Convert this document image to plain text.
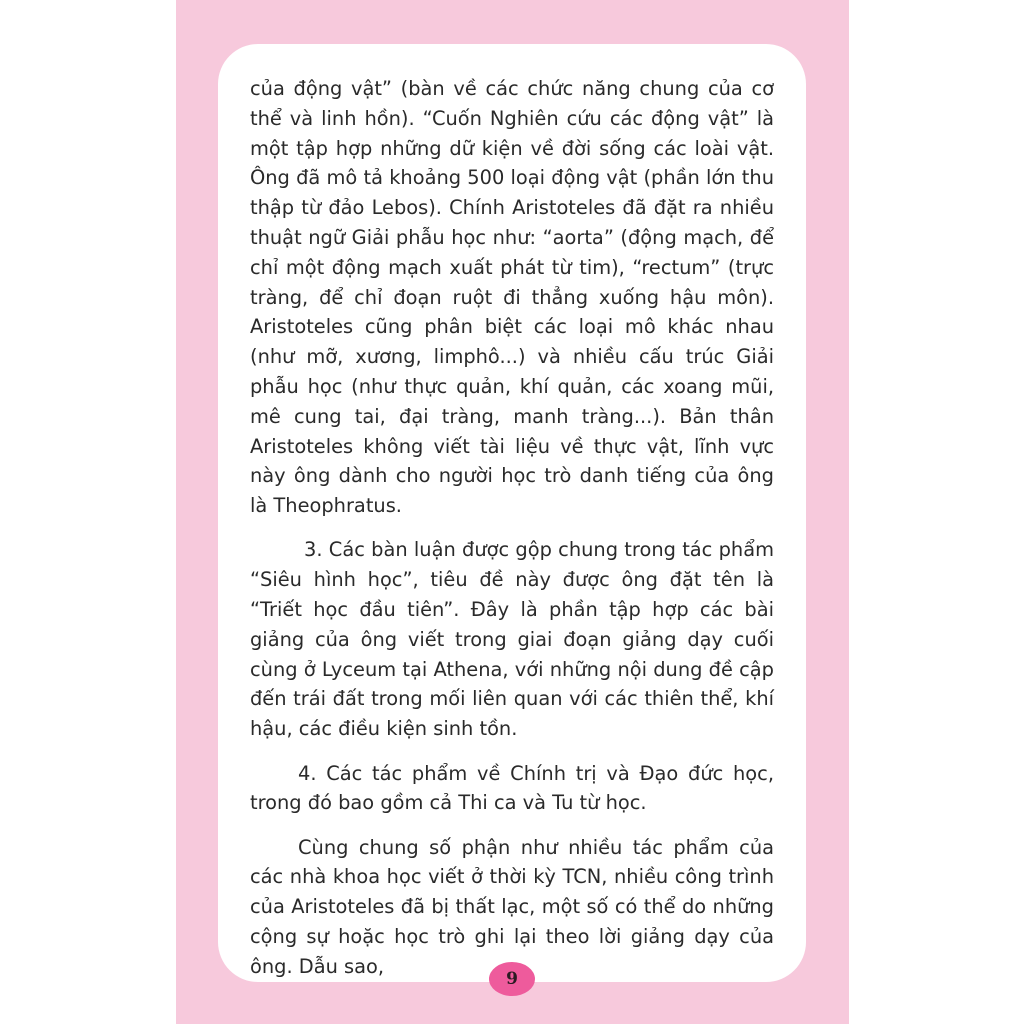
của động vật” (bàn về các chức năng chung của cơ thể và linh hồn). “Cuốn Nghiên cứu các động vật” là một tập hợp những dữ kiện về đời sống các loài vật. Ông đã mô tả khoảng 500 loại động vật (phần lớn thu thập từ đảo Lebos). Chính Aristoteles đã đặt ra nhiều thuật ngữ Giải phẫu học như: “aorta” (động mạch, để chỉ một động mạch xuất phát từ tim), “rectum” (trực tràng, để chỉ đoạn ruột đi thẳng xuống hậu môn). Aristoteles cũng phân biệt các loại mô khác nhau (như mỡ, xương, limphô...) và nhiều cấu trúc Giải phẫu học (như thực quản, khí quản, các xoang mũi, mê cung tai, đại tràng, manh tràng...). Bản thân Aristoteles không viết tài liệu về thực vật, lĩnh vực này ông dành cho người học trò danh tiếng của ông là Theophratus.

3. Các bàn luận được gộp chung trong tác phẩm “Siêu hình học”, tiêu đề này được ông đặt tên là “Triết học đầu tiên”. Đây là phần tập hợp các bài giảng của ông viết trong giai đoạn giảng dạy cuối cùng ở Lyceum tại Athena, với những nội dung đề cập đến trái đất trong mối liên quan với các thiên thể, khí hậu, các điều kiện sinh tồn.

4. Các tác phẩm về Chính trị và Đạo đức học, trong đó bao gồm cả Thi ca và Tu từ học.

Cùng chung số phận như nhiều tác phẩm của các nhà khoa học viết ở thời kỳ TCN, nhiều công trình của Aristoteles đã bị thất lạc, một số có thể do những cộng sự hoặc học trò ghi lại theo lời giảng dạy của ông. Dẫu sao,

9
